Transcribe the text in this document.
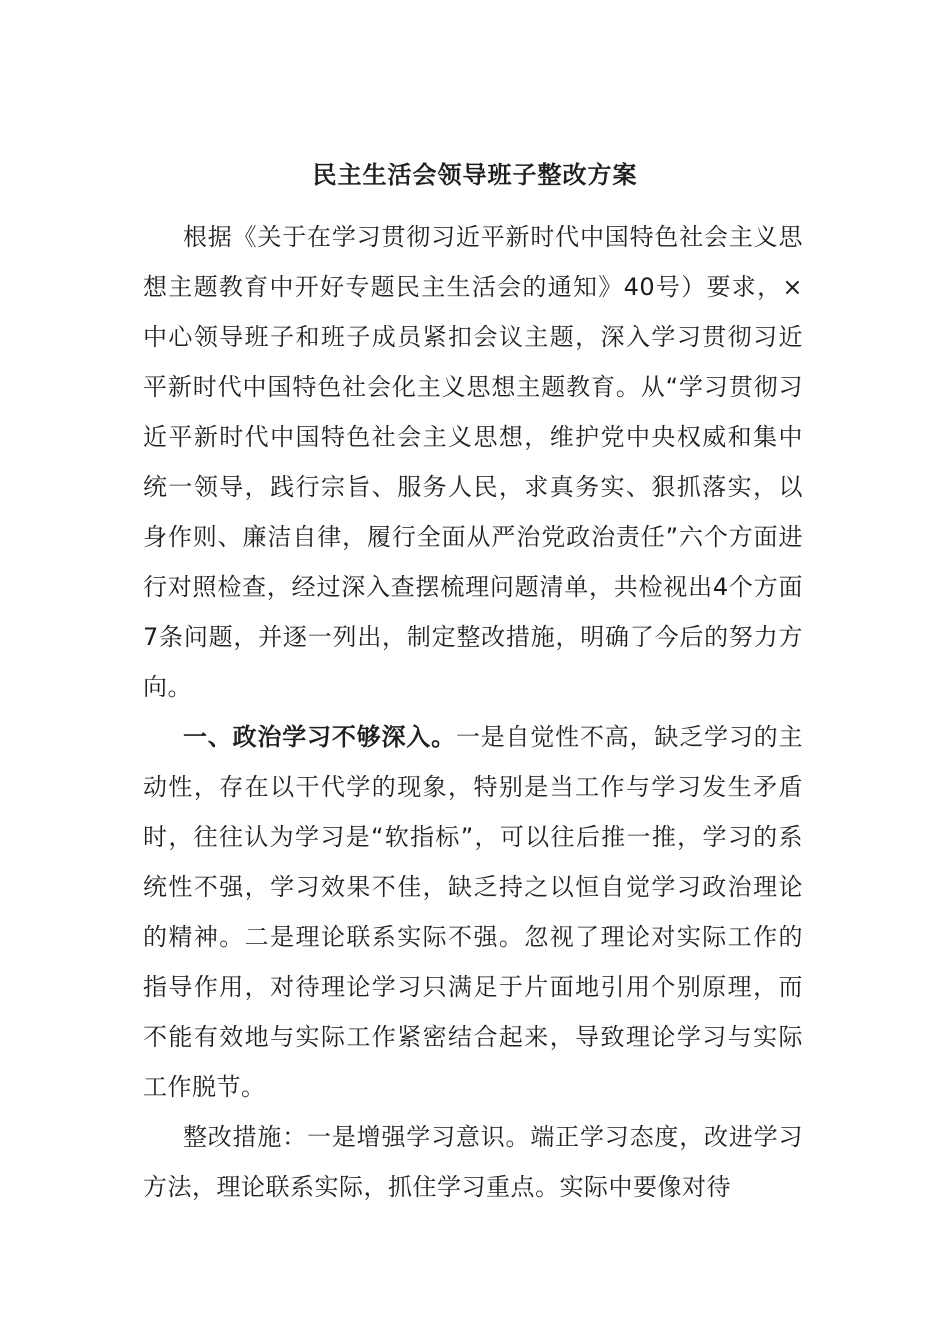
民主生活会领导班子整改方案

根据《关于在学习贯彻习近平新时代中国特色社会主义思想主题教育中开好专题民主生活会的通知》40号）要求，×中心领导班子和班子成员紧扣会议主题，深入学习贯彻习近平新时代中国特色社会化主义思想主题教育。从“学习贯彻习近平新时代中国特色社会主义思想，维护党中央权威和集中统一领导，践行宗旨、服务人民，求真务实、狠抓落实，以身作则、廉洁自律，履行全面从严治党政治责任”六个方面进行对照检查，经过深入查摆梳理问题清单，共检视出4个方面7条问题，并逐一列出，制定整改措施，明确了今后的努力方向。

一、政治学习不够深入。一是自觉性不高，缺乏学习的主动性，存在以干代学的现象，特别是当工作与学习发生矛盾时，往往认为学习是“软指标”，可以往后推一推，学习的系统性不强，学习效果不佳，缺乏持之以恒自觉学习政治理论的精神。二是理论联系实际不强。忽视了理论对实际工作的指导作用，对待理论学习只满足于片面地引用个别原理，而不能有效地与实际工作紧密结合起来，导致理论学习与实际工作脱节。

整改措施：一是增强学习意识。端正学习态度，改进学习方法，理论联系实际，抓住学习重点。实际中要像对待
